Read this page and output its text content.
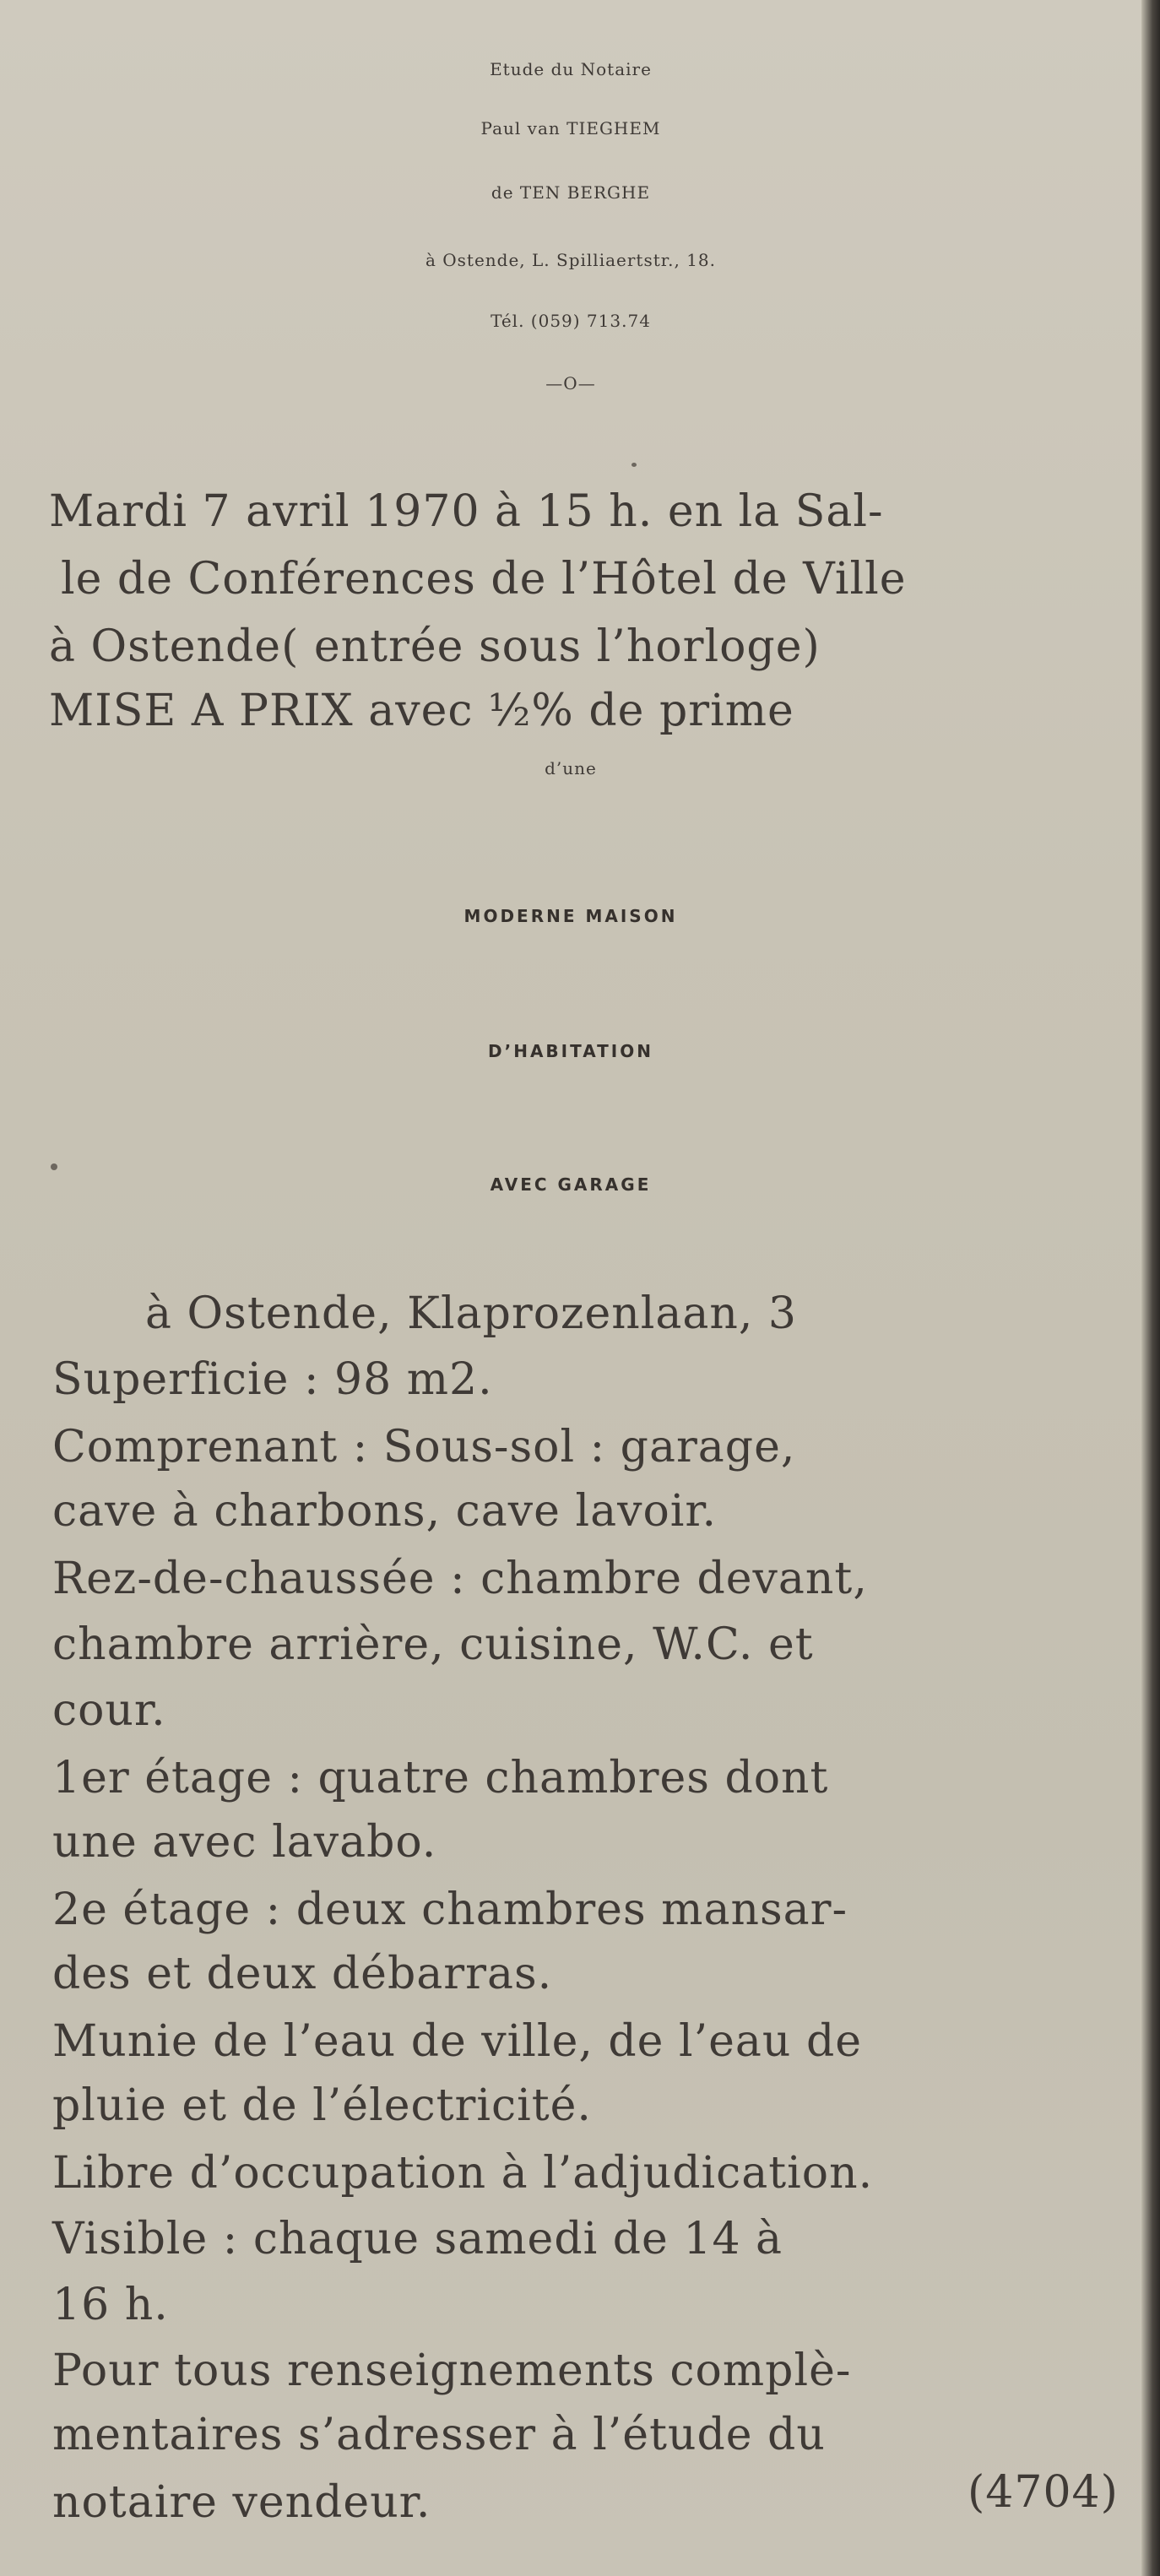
Etude du Notaire
Paul van TIEGHEM
de TEN BERGHE
à Ostende, L. Spilliaertstr., 18.
Tél. (059) 713.74
—O—
Mardi 7 avril 1970 à 15 h. en la Sal-
le de Conférences de l’Hôtel de Ville
à Ostende( entrée sous l’horloge)
MISE A PRIX avec ½% de prime
d’une
MODERNE MAISON
D’HABITATION
AVEC GARAGE
à Ostende, Klaprozenlaan, 3
Superficie : 98 m2.
Comprenant : Sous-sol : garage,
cave à charbons, cave lavoir.
Rez-de-chaussée : chambre devant,
chambre arrière, cuisine, W.C. et
cour.
1er étage : quatre chambres dont
une avec lavabo.
2e étage : deux chambres mansar-
des et deux débarras.
Munie de l’eau de ville, de l’eau de
pluie et de l’électricité.
Libre d’occupation à l’adjudication.
Visible : chaque samedi de 14 à
16 h.
Pour tous renseignements complè-
mentaires s’adresser à l’étude du
notaire vendeur.	(4704)
